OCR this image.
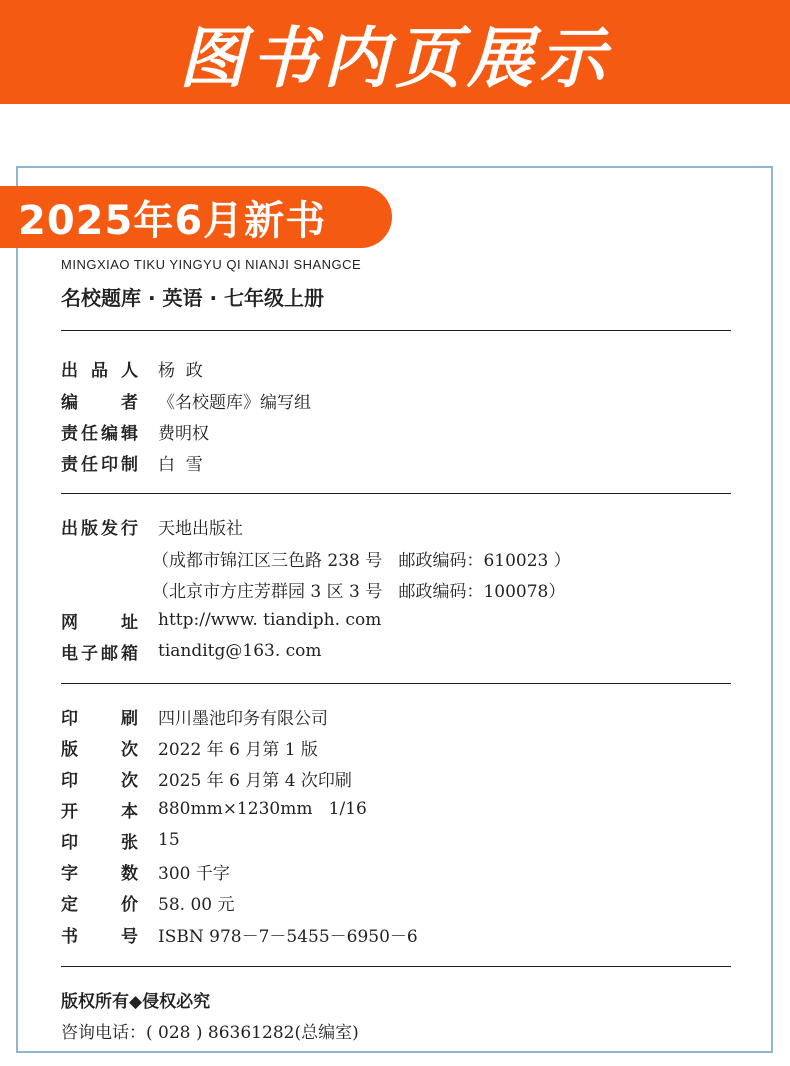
图书内页展示
2025年6月新书
MINGXIAO TIKU YINGYU QI NIANJI SHANGCE
名校题库 · 英语 · 七年级上册
出 品 人 杨  政
编	者 《名校题库》编写组
责 任 编 辑 费明权
责 任 印 制 白  雪
出 版 发 行 天地出版社
（成都市锦江区三色路 238 号   邮政编码：610023 ）
（北京市方庄芳群园 3 区 3 号   邮政编码：100078）
网	址 http://www. tiandiph. com
电 子 邮 箱 tianditg@163. com
印	刷 四川墨池印务有限公司
版	次 2022 年 6 月第 1 版
印	次 2025 年 6 月第 4 次印刷
开	本 880mm×1230mm   1/16
印	张 15
字	数 300 千字
定	价 58. 00 元
书	号 ISBN 978－7－5455－6950－6
版权所有◆侵权必究
咨询电话：( 028 ) 86361282(总编室)
